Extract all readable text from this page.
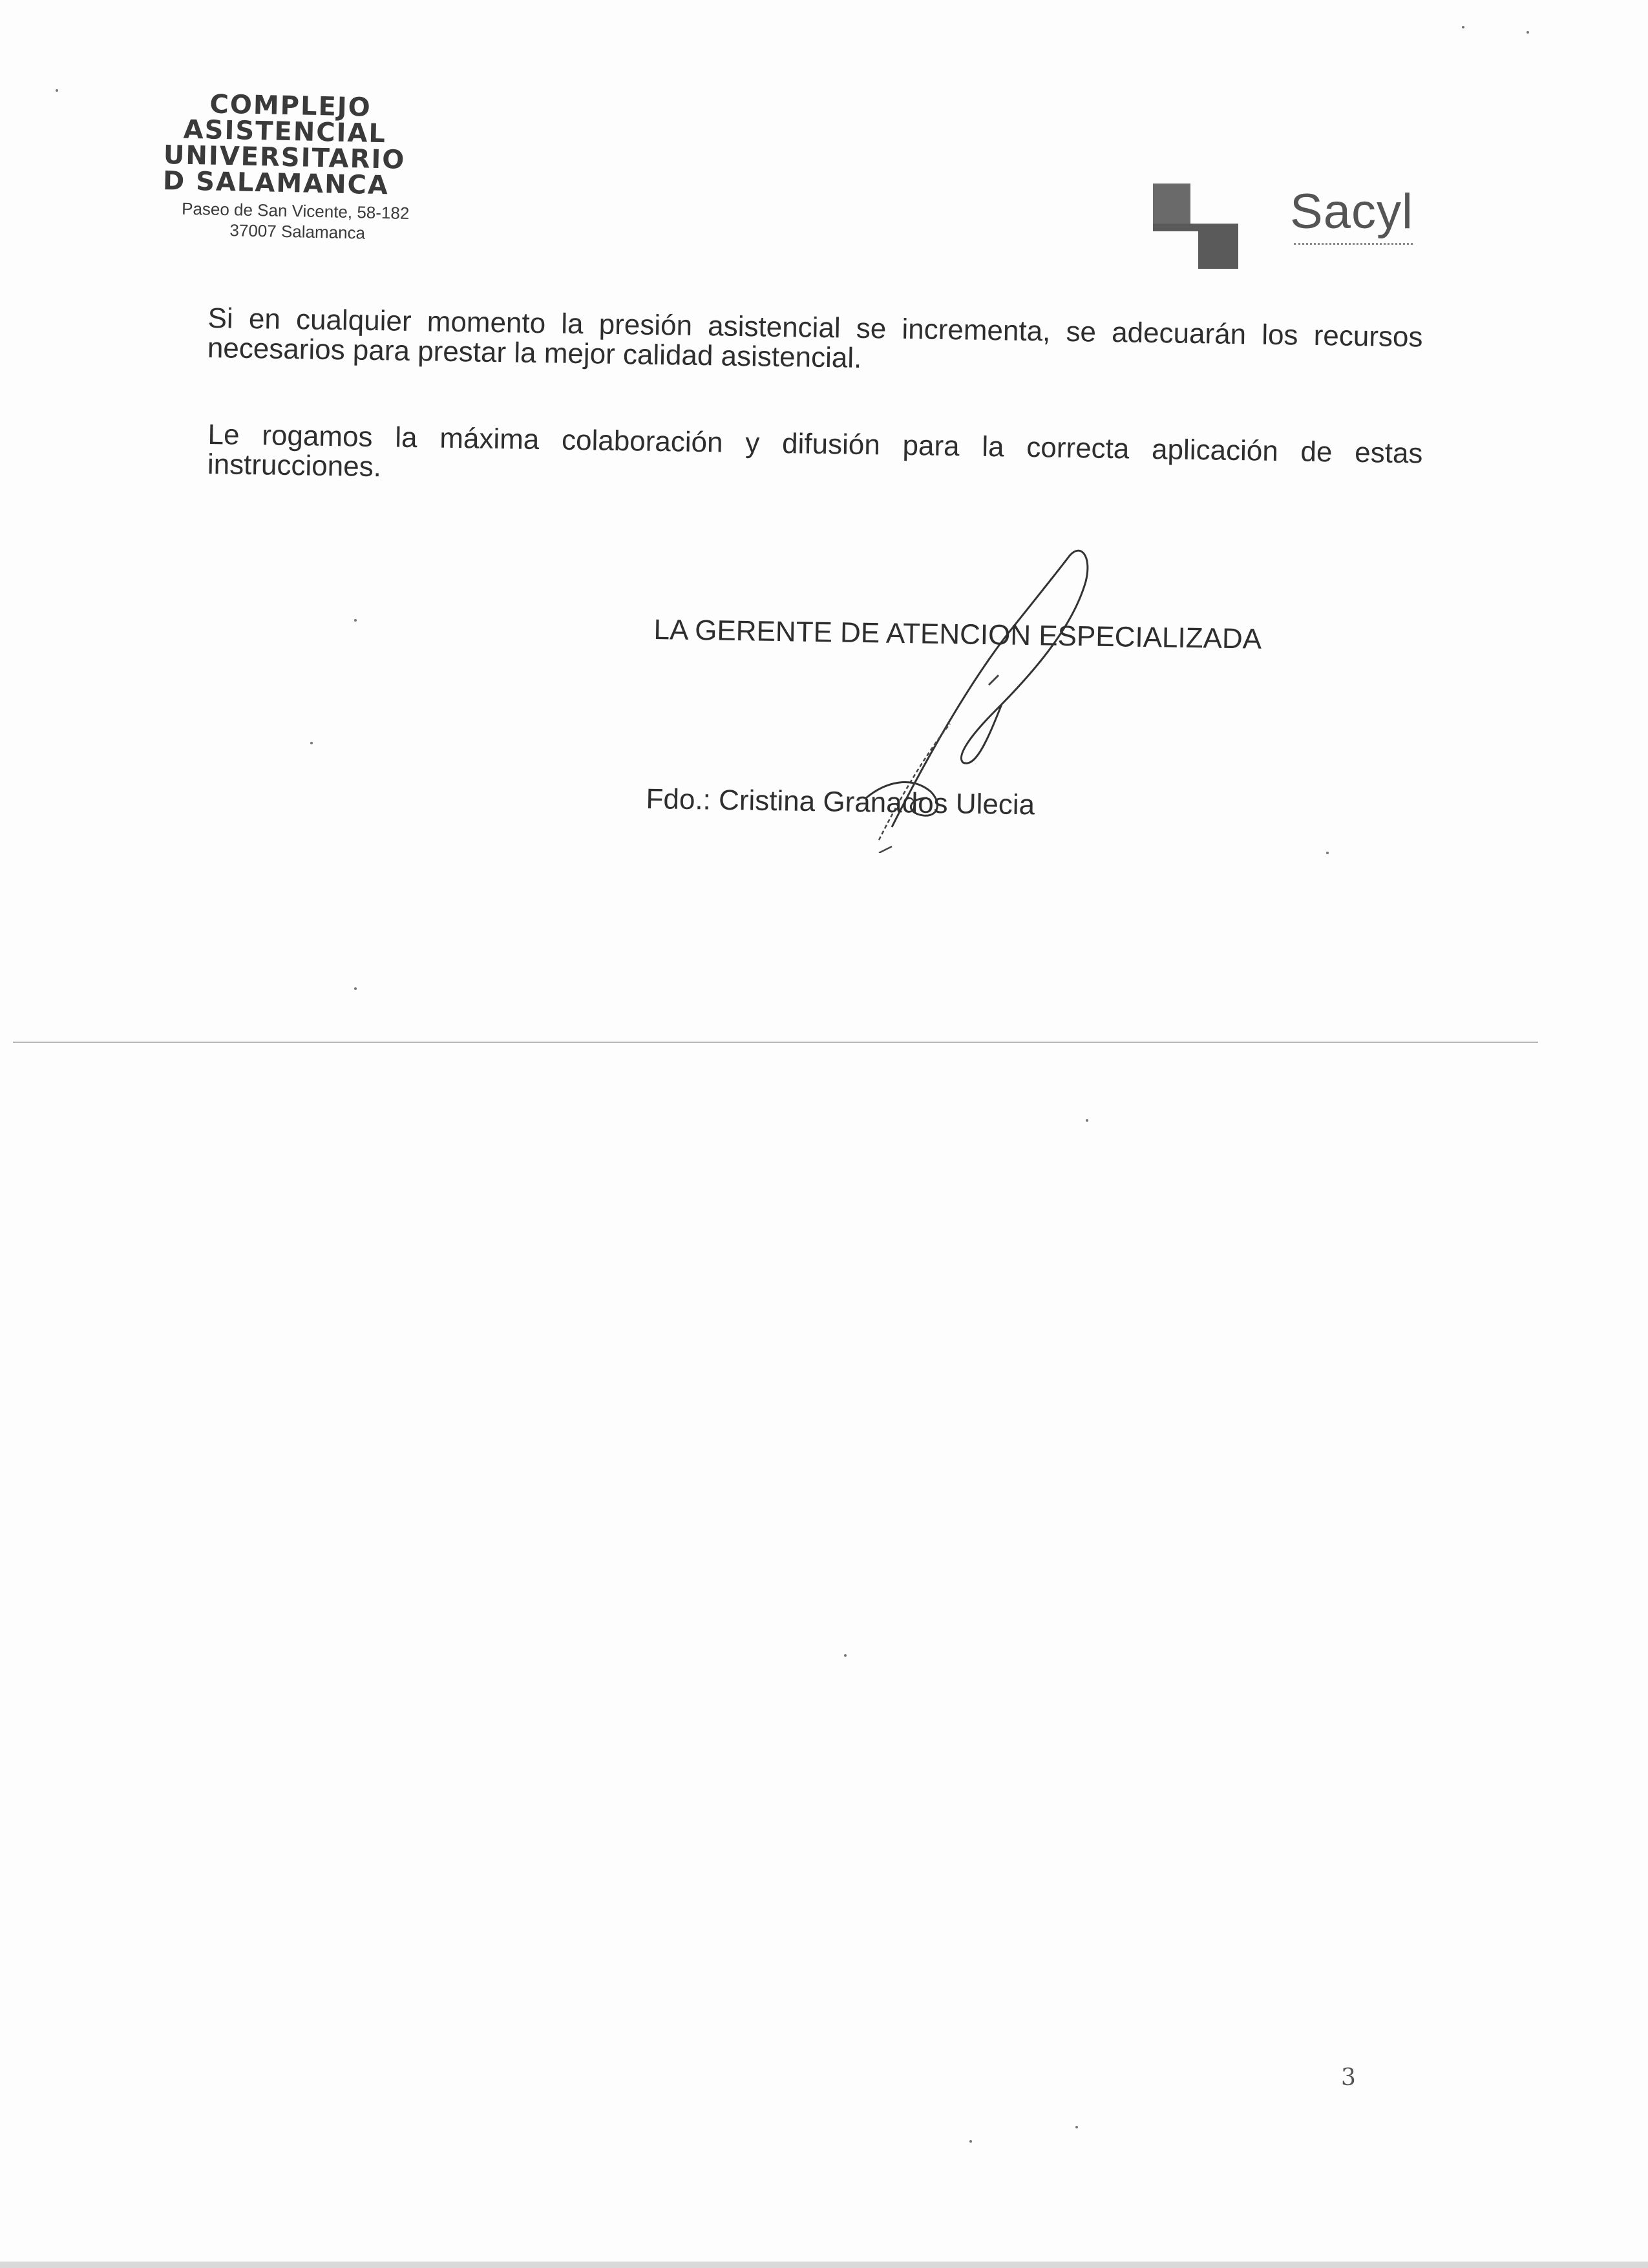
COMPLEJO
ASISTENCIAL
UNIVERSITARIO
D SALAMANCA
Paseo de San Vicente, 58-182
37007 Salamanca	Sacyl

Si en cualquier momento la presión asistencial se incrementa, se adecuarán los recursos necesarios para prestar la mejor calidad asistencial.

Le rogamos la máxima colaboración y difusión para la correcta aplicación de estas instrucciones.

LA GERENTE DE ATENCION ESPECIALIZADA
Fdo.: Cristina Granados Ulecia
3
